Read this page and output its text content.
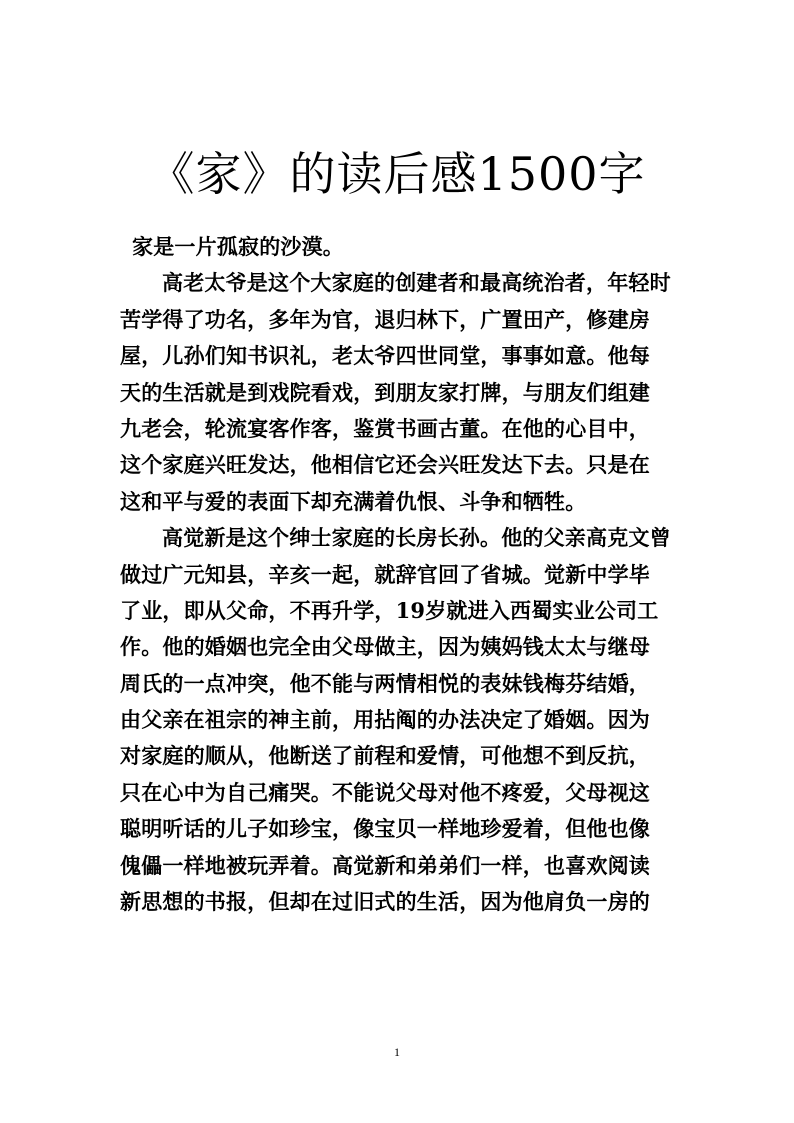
《家》的读后感1500字
家是一片孤寂的沙漠。
高老太爷是这个大家庭的创建者和最高统治者，年轻时
苦学得了功名，多年为官，退归林下，广置田产，修建房
屋，儿孙们知书识礼，老太爷四世同堂，事事如意。他每
天的生活就是到戏院看戏，到朋友家打牌，与朋友们组建
九老会，轮流宴客作客，鉴赏书画古董。在他的心目中，
这个家庭兴旺发达，他相信它还会兴旺发达下去。只是在
这和平与爱的表面下却充满着仇恨、斗争和牺牲。
高觉新是这个绅士家庭的长房长孙。他的父亲高克文曾
做过广元知县，辛亥一起，就辞官回了省城。觉新中学毕
了业，即从父命，不再升学，19岁就进入西蜀实业公司工
作。他的婚姻也完全由父母做主，因为姨妈钱太太与继母
周氏的一点冲突，他不能与两情相悦的表妹钱梅芬结婚，
由父亲在祖宗的神主前，用拈阄的办法决定了婚姻。因为
对家庭的顺从，他断送了前程和爱情，可他想不到反抗，
只在心中为自己痛哭。不能说父母对他不疼爱，父母视这
聪明听话的儿子如珍宝，像宝贝一样地珍爱着，但他也像
傀儡一样地被玩弄着。高觉新和弟弟们一样，也喜欢阅读
新思想的书报，但却在过旧式的生活，因为他肩负一房的
1
